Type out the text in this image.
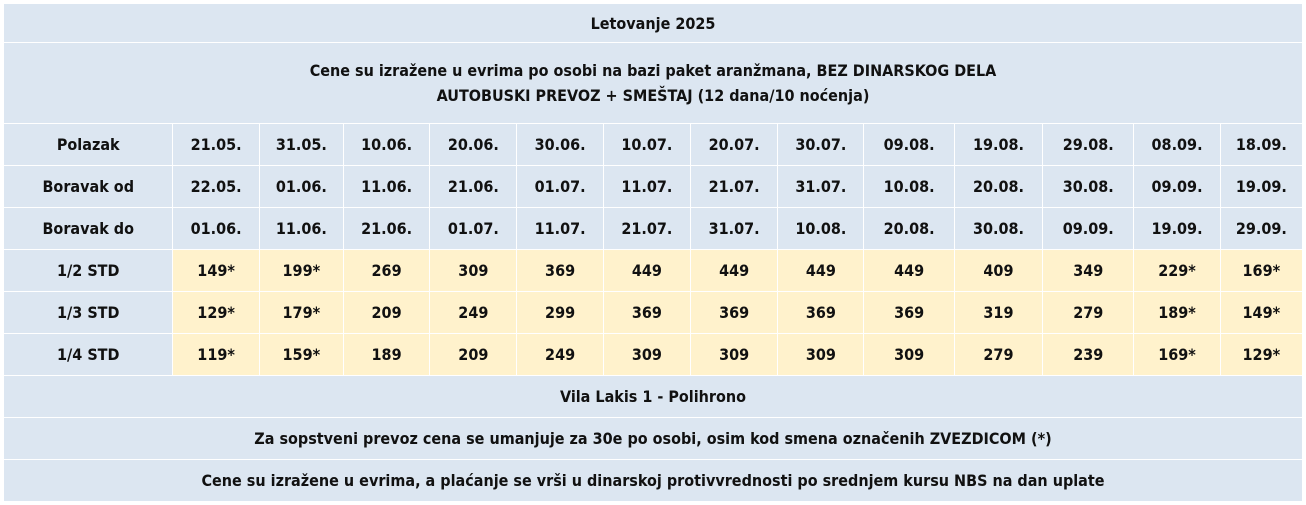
Letovanje 2025													

Cene su izražene u evrima po osobi na bazi paket aranžmana, BEZ DINARSKOG DELA
AUTOBUSKI PREVOZ + SMEŠTAJ (12 dana/10 noćenja)													

Polazak	21.05.	31.05.	10.06.	20.06.	30.06.	10.07.	20.07.	30.07.	09.08.	19.08.	29.08.	08.09.	18.09.
Boravak od	22.05.	01.06.	11.06.	21.06.	01.07.	11.07.	21.07.	31.07.	10.08.	20.08.	30.08.	09.09.	19.09.
Boravak do	01.06.	11.06.	21.06.	01.07.	11.07.	21.07.	31.07.	10.08.	20.08.	30.08.	09.09.	19.09.	29.09.
1/2 STD	149*	199*	269	309	369	449	449	449	449	409	349	229*	169*
1/3 STD	129*	179*	209	249	299	369	369	369	369	319	279	189*	149*
1/4 STD	119*	159*	189	209	249	309	309	309	309	279	239	169*	129*
Vila Lakis 1 - Polihrono													
Za sopstveni prevoz cena se umanjuje za 30e po osobi, osim kod smena označenih ZVEZDICOM (*)													
Cene su izražene u evrima, a plaćanje se vrši u dinarskoj protivvrednosti po srednjem kursu NBS na dan uplate													
